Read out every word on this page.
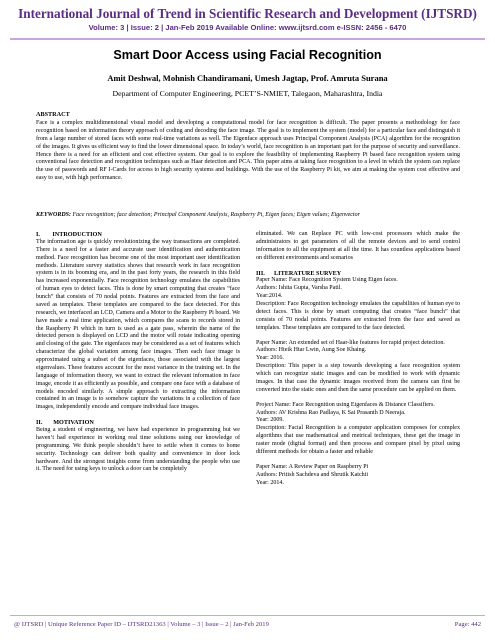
International Journal of Trend in Scientific Research and Development (IJTSRD)
Volume: 3 | Issue: 2 | Jan-Feb 2019 Available Online: www.ijtsrd.com e-ISSN: 2456 - 6470
Smart Door Access using Facial Recognition
Amit Deshwal, Mohnish Chandiramani, Umesh Jagtap, Prof. Amruta Surana
Department of Computer Engineering, PCET’S-NMIET, Talegaon, Maharashtra, India
ABSTRACT

Face is a complex multidimensional visual model and developing a computational model for face recognition is difficult. The paper presents a methodology for face recognition based on information theory approach of coding and decoding the face image. The goal is to implement the system (model) for a particular face and distinguish it from a large number of stored faces with some real-time variations as well. The Eigenface approach uses Principal Component Analysis (PCA) algorithm for the recognition of the images. It gives us efficient way to find the lower dimensional space. In today’s world, face recognition is an important part for the purpose of security and surveillance. Hence there is a need for an efficient and cost effective system. Our goal is to explore the feasibility of implementing Raspberry Pi based face recognition system using conventional face detection and recognition techniques such as Haar detection and PCA. This paper aims at taking face recognition to a level in which the system can replace the use of passwords and RF I-Cards for access to high security systems and buildings. With the use of the Raspberry Pi kit, we aim at making the system cost effective and easy to use, with high performance.

KEYWORDS: Face recognition; face detection; Principal Component Analysis, Raspberry Pi, Eigen faces; Eigen values; Eigenvector
I.        INTRODUCTION

The information age is quickly revolutionizing the way transactions are completed. There is a need for a faster and accurate user identification and authentication method. Face recognition has become one of the most important user identification methods. Literature survey statistics shows that research work in face recognition system is in its booming era, and in the past forty years, the research in this field has increased exponentially. Face recognition technology emulates the capabilities of human eyes to detect faces. This is done by smart computing that creates “face bunch” that consists of 70 nodal points. Features are extracted from the face and saved as templates. These templates are compared to the face detected. For this research, we interfaced an LCD, Camera and a Motor to the Raspberry Pi board. We have made a real time application, which compares the scans to records stored in the Raspberry Pi which in turn is used as a gate pass, wherein the name of the detected person is displayed on LCD and the motor will rotate indicating opening and closing of the gate. The eigenfaces may be considered as a set of features which characterize the global variation among face images. Then each face image is approximated using a subset of the eigenfaces, those associated with the largest eigenvalues. These features account for the most variance in the training set. In the language of information theory, we want to extract the relevant information in face image, encode it as efficiently as possible, and compare one face with a database of models encoded similarly. A simple approach to extracting the information contained in an image is to somehow capture the variations in a collection of face images, independently encode and compare individual face images.

II.       MOTIVATION

Being a student of engineering, we have had experience in programming but we haven’t had experience in working real time solutions using our knowledge of programming. We think people shouldn’t have to settle when it comes to home security. Technology can deliver both quality and convenience in door lock hardware. And the strongest insights come from understanding the people who use it. The need for using keys to unlock a door can be completely

eliminated. We can Replace PC with low-cost processors which make the administrators to get parameters of all the remote devices and to send control information to all the equipment at all the time. It has countless applications based on different environments and scenarios

III.      LITERATURE SURVEY
Paper Name: Face Recognition System Using Eigen faces.
Authors: Ishita Gupta, Varsha Patil.
Year:2014.
Description: Face Recognition technology emulates the capabilities of human eye to detect faces. This is done by smart computing that creates “face bunch” that consists of 70 nodal points. Features are extracted from the face and saved as templates. These templates are compared to the face detected.
Paper Name: An extended set of Haar-like features for rapid project detection.
Authors: Hteik Htar Lwin, Aung Soe Khaing.
Year: 2016.
Description: This paper is a step towards developing a face recognition system which can recognize static images and can be modified to work with dynamic images. In that case the dynamic images received from the camera can first be converted into the static ones and then the same procedure can be applied on them.
Project Name: Face Recognition using Eigenfaces & Distance Classifiers.
Authors: AV Krishna Rao Padlaya, K Sai Prasanth D Neeraja.
Year: 2009.
Description: Facial Recognition is a computer application composes for complex algorithms that use mathematical and metrical techniques, these get the image in raster mode (digital format) and then process and compare pixel by pixel using different methods for obtain a faster and reliable
Paper Name: A Review Paper on Raspberry Pi
Authors: Pritish Sachdeva and Shrutik Katchii
Year: 2014.
@ IJTSRD | Unique Reference Paper ID – IJTSRD21363 | Volume – 3 | Issue – 2 | Jan-Feb 2019	Page: 442
